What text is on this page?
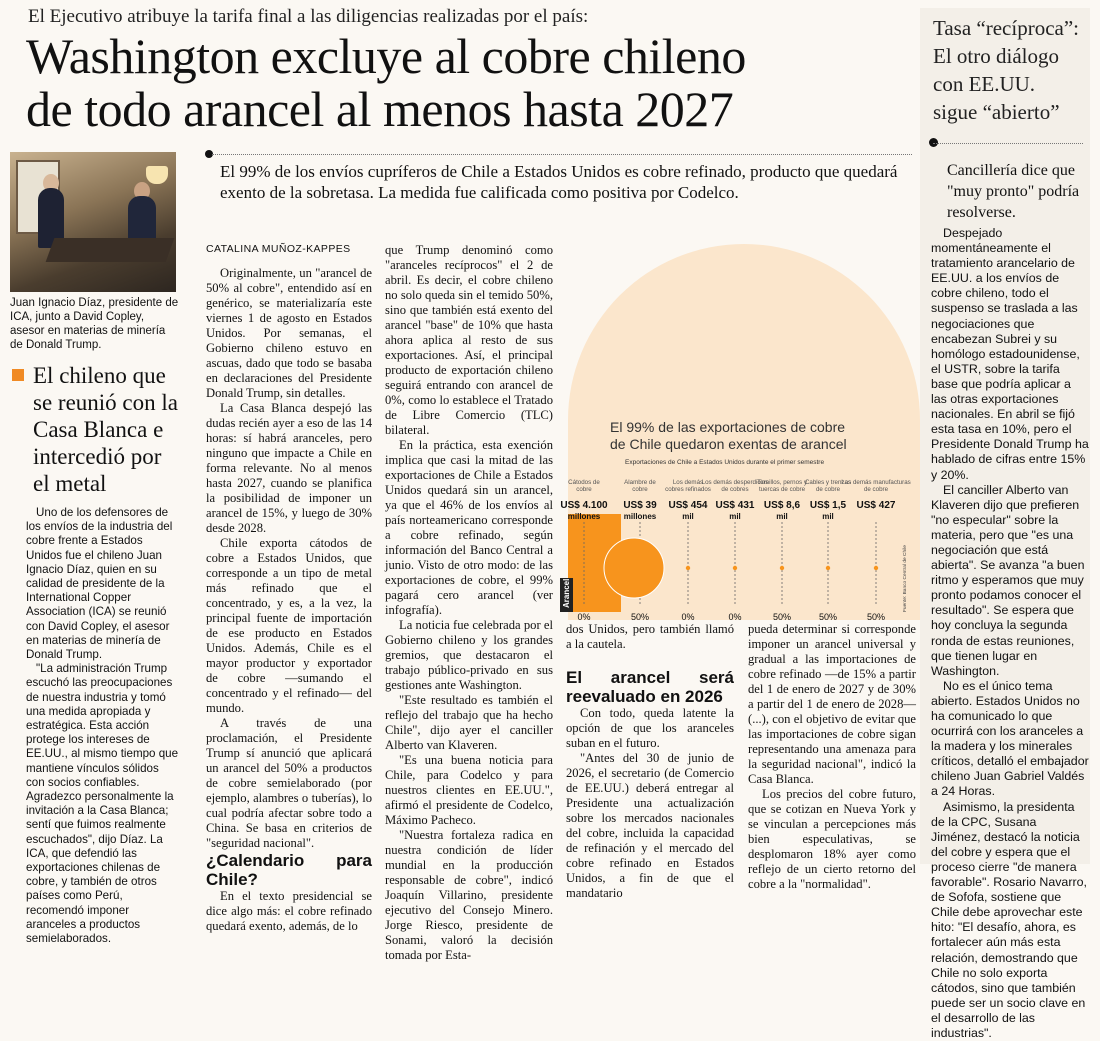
El Ejecutivo atribuye la tarifa final a las diligencias realizadas por el país:
Washington excluye al cobre chileno
de todo arancel al menos hasta 2027
Juan Ignacio Díaz, presidente de ICA, junto a David Copley, asesor en materias de minería de Donald Trump.
El chileno que se reunió con la Casa Blanca e intercedió por el metal

Uno de los defensores de los envíos de la industria del cobre frente a Estados Unidos fue el chileno Juan Ignacio Díaz, quien en su calidad de presidente de la International Copper Association (ICA) se reunió con David Copley, el asesor en materias de minería de Donald Trump.

"La administración Trump escuchó las preocupaciones de nuestra industria y tomó una medida apropiada y estratégica. Esta acción protege los intereses de EE.UU., al mismo tiempo que mantiene vínculos sólidos con socios confiables. Agradezco personalmente la invitación a la Casa Blanca; sentí que fuimos realmente escuchados", dijo Díaz. La ICA, que defendió las exportaciones chilenas de cobre, y también de otros países como Perú, recomendó imponer aranceles a productos semielaborados.

El 99% de los envíos cupríferos de Chile a Estados Unidos es cobre refinado, producto que quedará exento de la sobretasa. La medida fue calificada como positiva por Codelco.
CATALINA MUÑOZ-KAPPES

Originalmente, un "arancel de 50% al cobre", entendido así en genérico, se materializaría este viernes 1 de agosto en Estados Unidos. Por semanas, el Gobierno chileno estuvo en ascuas, dado que todo se basaba en declaraciones del Presidente Donald Trump, sin detalles.

La Casa Blanca despejó las dudas recién ayer a eso de las 14 horas: sí habrá aranceles, pero ninguno que impacte a Chile en forma relevante. No al menos hasta 2027, cuando se planifica la posibilidad de imponer un arancel de 15%, y luego de 30% desde 2028.

Chile exporta cátodos de cobre a Estados Unidos, que corresponde a un tipo de metal más refinado que el concentrado, y es, a la vez, la principal fuente de importación de ese producto en Estados Unidos. Además, Chile es el mayor productor y exportador de cobre —sumando el concentrado y el refinado— del mundo.

A través de una proclamación, el Presidente Trump sí anunció que aplicará un arancel del 50% a productos de cobre semielaborado (por ejemplo, alambres o tuberías), lo cual podría afectar sobre todo a China. Se basa en criterios de "seguridad nacional".

¿Calendario para Chile?

En el texto presidencial se dice algo más: el cobre refinado quedará exento, además, de lo

que Trump denominó como "aranceles recíprocos" el 2 de abril. Es decir, el cobre chileno no solo queda sin el temido 50%, sino que también está exento del arancel "base" de 10% que hasta ahora aplica al resto de sus exportaciones. Así, el principal producto de exportación chileno seguirá entrando con arancel de 0%, como lo establece el Tratado de Libre Comercio (TLC) bilateral.

En la práctica, esta exención implica que casi la mitad de las exportaciones de Chile a Estados Unidos quedará sin un arancel, ya que el 46% de los envíos al país norteamericano corresponde a cobre refinado, según información del Banco Central a junio. Visto de otro modo: de las exportaciones de cobre, el 99% pagará cero arancel (ver infografía).

La noticia fue celebrada por el Gobierno chileno y los grandes gremios, que destacaron el trabajo público-privado en sus gestiones ante Washington.

"Este resultado es también el reflejo del trabajo que ha hecho Chile", dijo ayer el canciller Alberto van Klaveren.

"Es una buena noticia para Chile, para Codelco y para nuestros clientes en EE.UU.", afirmó el presidente de Codelco, Máximo Pacheco.

"Nuestra fortaleza radica en nuestra condición de líder mundial en la producción responsable de cobre", indicó Joaquín Villarino, presidente ejecutivo del Consejo Minero. Jorge Riesco, presidente de Sonami, valoró la decisión tomada por Esta-

El 99% de las exportaciones de cobre
de Chile quedaron exentas de arancel
Exportaciones de Chile a Estados Unidos durante el primer semestre
Cátodos de cobre
US$ 4.100
millones
0%
Alambre de cobre
US$ 39
millones
50%
Los demás cobres refinados
US$ 454
mil
0%
Los demás desperdicios de cobres
US$ 431
mil
0%
Tornillos, pernos y tuercas de cobre
US$ 8,6
mil
50%
Cables y trenzas de cobre
US$ 1,5
mil
50%
Las demás manufacturas de cobre
US$ 427
50%
Arancel	Fuente: Banco Central de Chile

dos Unidos, pero también llamó a la cautela.

El arancel será reevaluado en 2026

Con todo, queda latente la opción de que los aranceles suban en el futuro.

"Antes del 30 de junio de 2026, el secretario (de Comercio de EE.UU.) deberá entregar al Presidente una actualización sobre los mercados nacionales del cobre, incluida la capacidad de refinación y el mercado del cobre refinado en Estados Unidos, a fin de que el mandatario

pueda determinar si corresponde imponer un arancel universal y gradual a las importaciones de cobre refinado —de 15% a partir del 1 de enero de 2027 y de 30% a partir del 1 de enero de 2028— (...), con el objetivo de evitar que las importaciones de cobre sigan representando una amenaza para la seguridad nacional", indicó la Casa Blanca.

Los precios del cobre futuro, que se cotizan en Nueva York y se vinculan a percepciones más bien especulativas, se desplomaron 18% ayer como reflejo de un cierto retorno del cobre a la "normalidad".

Tasa “recíproca”:
El otro diálogo
con EE.UU.
sigue “abierto”
Cancillería dice que "muy pronto" podría resolverse.

Despejado momentáneamente el tratamiento arancelario de EE.UU. a los envíos de cobre chileno, todo el suspenso se traslada a las negociaciones que encabezan Subrei y su homólogo estadounidense, el USTR, sobre la tarifa base que podría aplicar a las otras exportaciones nacionales. En abril se fijó esta tasa en 10%, pero el Presidente Donald Trump ha hablado de cifras entre 15% y 20%.

El canciller Alberto van Klaveren dijo que prefieren "no especular" sobre la materia, pero que "es una negociación que está abierta". Se avanza "a buen ritmo y esperamos que muy pronto podamos conocer el resultado". Se espera que hoy concluya la segunda ronda de estas reuniones, que tienen lugar en Washington.

No es el único tema abierto. Estados Unidos no ha comunicado lo que ocurrirá con los aranceles a la madera y los minerales críticos, detalló el embajador chileno Juan Gabriel Valdés a 24 Horas.

Asimismo, la presidenta de la CPC, Susana Jiménez, destacó la noticia del cobre y espera que el proceso cierre "de manera favorable". Rosario Navarro, de Sofofa, sostiene que Chile debe aprovechar este hito: "El desafío, ahora, es fortalecer aún más esta relación, demostrando que Chile no solo exporta cátodos, sino que también puede ser un socio clave en el desarrollo de las industrias".
